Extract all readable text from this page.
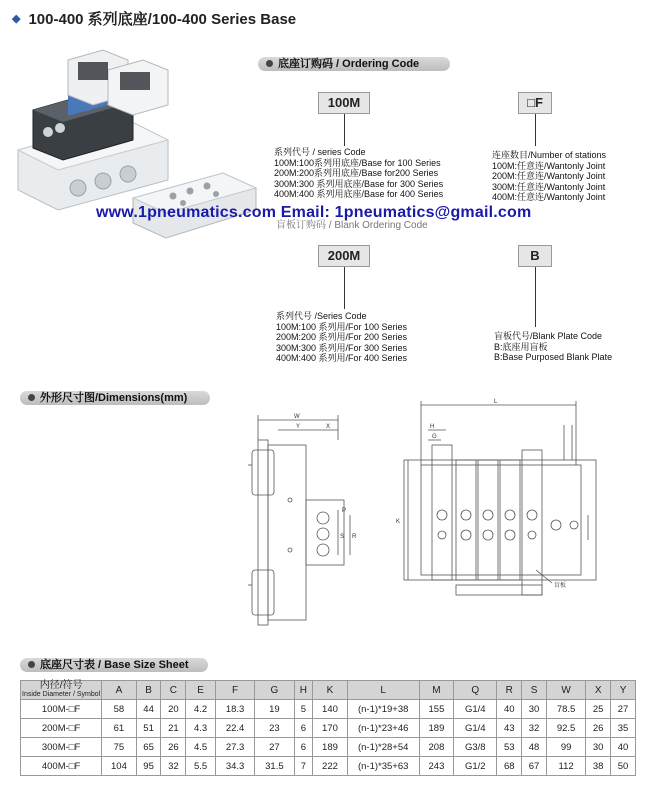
◆ 100-400 系列底座/100-400 Series Base
底座订购码 / Ordering Code
100M	□F
系列代号 / series Code
100M:100系列用底座/Base for 100 Series
200M:200系列用底座/Base for200 Series
300M:300 系列用底座/Base for 300 Series
400M:400 系列用底座/Base for 400 Series
连座数目/Number of stations
100M:任意连/Wantonly Joint
200M:任意连/Wantonly Joint
300M:任意连/Wantonly Joint
400M:任意连/Wantonly Joint
盲板订购码 / Blank Ordering Code
www.1pneumatics.com Email: 1pneumatics@gmail.com
200M	B
系列代号 /Series Code
100M:100 系列用/For 100 Series
200M:200 系列用/For 200 Series
300M:300 系列用/For 300 Series
400M:400 系列用/For 400 Series
盲板代号/Blank Plate Code
B:底座用盲板
B:Base Purposed Blank Plate
外形尺寸图/Dimensions(mm)
W
Y	X
P
S R
L
H
G
K
盲板
底座尺寸表 / Base Size Sheet
内径/符号
Inside Diameter / Symbol	A	B	C	E	F	G	H	K	L	M	Q	R	S	W	X	Y
100M-□F	58	44	20	4.2	18.3	19	5	140	(n-1)*19+38	155	G1/4	40	30	78.5	25	27
200M-□F	61	51	21	4.3	22.4	23	6	170	(n-1)*23+46	189	G1/4	43	32	92.5	26	35
300M-□F	75	65	26	4.5	27.3	27	6	189	(n-1)*28+54	208	G3/8	53	48	99	30	40
400M-□F	104	95	32	5.5	34.3	31.5	7	222	(n-1)*35+63	243	G1/2	68	67	112	38	50
